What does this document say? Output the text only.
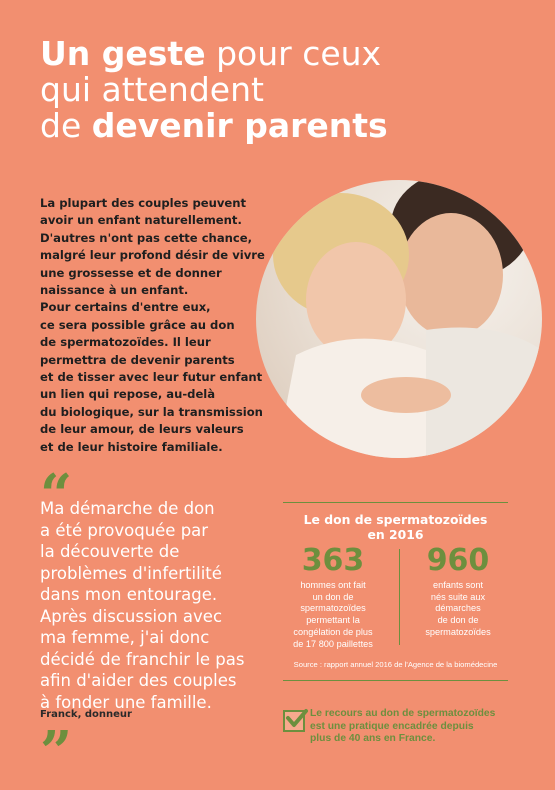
Un geste pour ceux
qui attendent
de devenir parents
La plupart des couples peuvent
avoir un enfant naturellement.
D'autres n'ont pas cette chance,
malgré leur profond désir de vivre
une grossesse et de donner
naissance à un enfant.
Pour certains d'entre eux,
ce sera possible grâce au don
de spermatozoïdes. Il leur
permettra de devenir parents
et de tisser avec leur futur enfant
un lien qui repose, au-delà
du biologique, sur la transmission
de leur amour, de leurs valeurs
et de leur histoire familiale.
“
Ma démarche de don
a été provoquée par
la découverte de
problèmes d'infertilité
dans mon entourage.
Après discussion avec
ma femme, j'ai donc
décidé de franchir le pas
afin d'aider des couples
à fonder une famille.
Franck, donneur
”
Le don de spermatozoïdes
en 2016
363
hommes ont fait
un don de
spermatozoïdes
permettant la
congélation de plus
de 17 800 paillettes
960
enfants sont
nés suite aux
démarches
de don de
spermatozoïdes
Source : rapport annuel 2016 de l'Agence de la biomédecine
Le recours au don de spermatozoïdes
est une pratique encadrée depuis
plus de 40 ans en France.
